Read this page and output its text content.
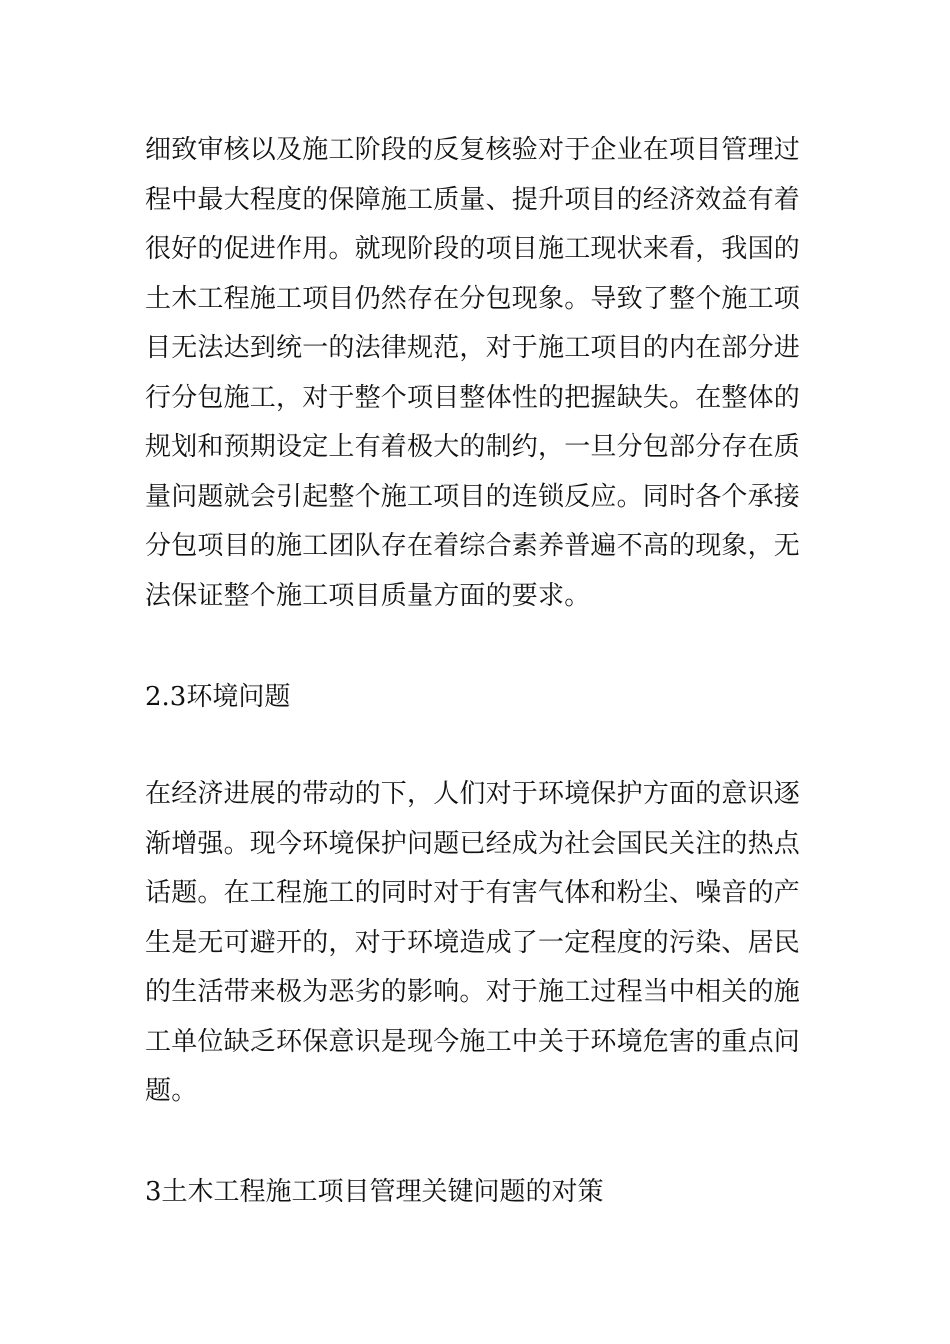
细致审核以及施工阶段的反复核验对于企业在项目管理过
程中最大程度的保障施工质量、提升项目的经济效益有着
很好的促进作用。就现阶段的项目施工现状来看，我国的
土木工程施工项目仍然存在分包现象。导致了整个施工项
目无法达到统一的法律规范，对于施工项目的内在部分进
行分包施工，对于整个项目整体性的把握缺失。在整体的
规划和预期设定上有着极大的制约，一旦分包部分存在质
量问题就会引起整个施工项目的连锁反应。同时各个承接
分包项目的施工团队存在着综合素养普遍不高的现象，无
法保证整个施工项目质量方面的要求。
2.3环境问题
在经济进展的带动的下，人们对于环境保护方面的意识逐
渐增强。现今环境保护问题已经成为社会国民关注的热点
话题。在工程施工的同时对于有害气体和粉尘、噪音的产
生是无可避开的，对于环境造成了一定程度的污染、居民
的生活带来极为恶劣的影响。对于施工过程当中相关的施
工单位缺乏环保意识是现今施工中关于环境危害的重点问
题。
3土木工程施工项目管理关键问题的对策
